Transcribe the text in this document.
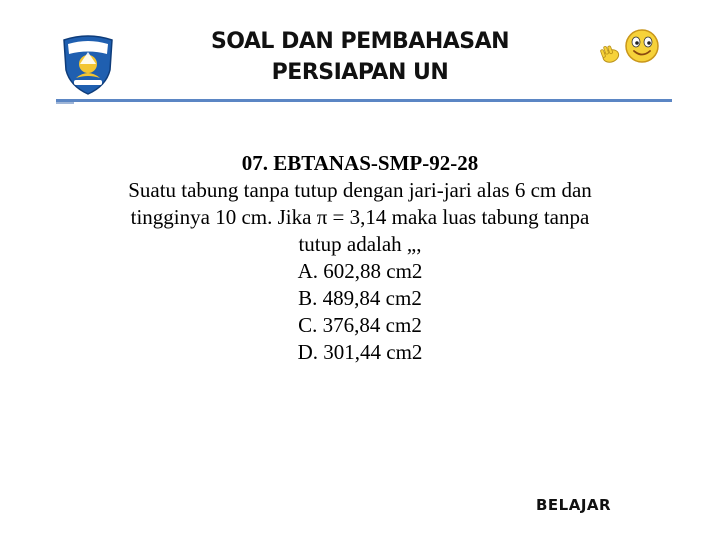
SOAL DAN PEMBAHASAN
PERSIAPAN UN
07. EBTANAS-SMP-92-28
Suatu tabung tanpa tutup dengan jari-jari alas 6 cm dan
tingginya 10 cm. Jika π = 3,14 maka luas tabung tanpa
tutup adalah „,
A. 602,88 cm2
B. 489,84 cm2
C. 376,84 cm2
D. 301,44 cm2
BELAJAR
